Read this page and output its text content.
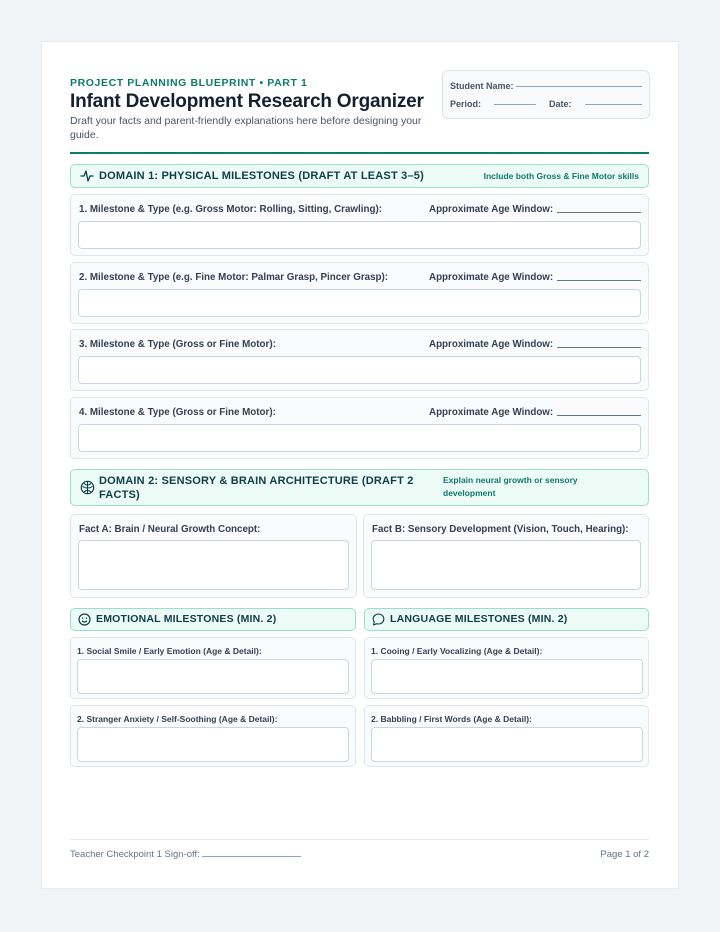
PROJECT PLANNING BLUEPRINT • PART 1
Infant Development Research Organizer
Draft your facts and parent-friendly explanations here before designing your guide.
Student Name:
Period:	Date:
DOMAIN 1: PHYSICAL MILESTONES (DRAFT AT LEAST 3–5)	Include both Gross & Fine Motor skills
1. Milestone & Type (e.g. Gross Motor: Rolling, Sitting, Crawling):	Approximate Age Window:
2. Milestone & Type (e.g. Fine Motor: Palmar Grasp, Pincer Grasp):	Approximate Age Window:
3. Milestone & Type (Gross or Fine Motor):	Approximate Age Window:
4. Milestone & Type (Gross or Fine Motor):	Approximate Age Window:
DOMAIN 2: SENSORY & BRAIN ARCHITECTURE (DRAFT 2 FACTS)
Explain neural growth or sensory development
Fact A: Brain / Neural Growth Concept:	Fact B: Sensory Development (Vision, Touch, Hearing):
EMOTIONAL MILESTONES (MIN. 2)
1. Social Smile / Early Emotion (Age & Detail):
2. Stranger Anxiety / Self-Soothing (Age & Detail):
LANGUAGE MILESTONES (MIN. 2)
1. Cooing / Early Vocalizing (Age & Detail):
2. Babbling / First Words (Age & Detail):
Teacher Checkpoint 1 Sign-off:	Page 1 of 2
